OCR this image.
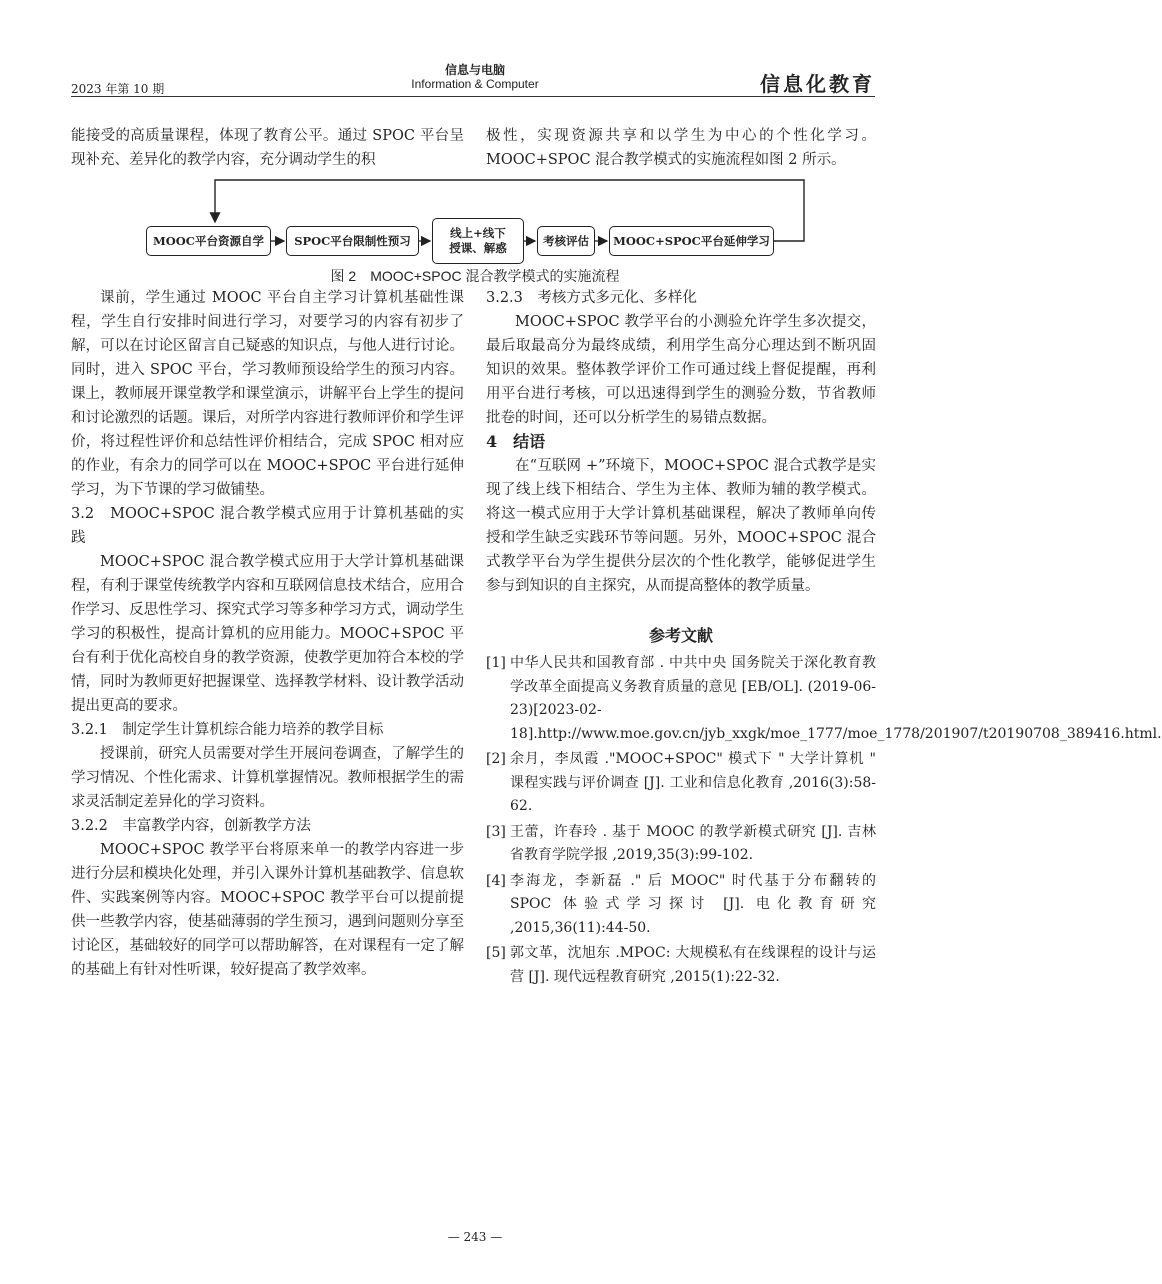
2023 年第 10 期
信息与电脑
Information & Computer	信息化教育

能接受的高质量课程，体现了教育公平。通过 SPOC 平台呈现补充、差异化的教学内容，充分调动学生的积

极性，实现资源共享和以学生为中心的个性化学习。MOOC+SPOC 混合教学模式的实施流程如图 2 所示。

MOOC平台资源自学	SPOC平台限制性预习
线上+线下
授课、解惑
考核评估	MOOC+SPOC平台延伸学习
图 2　MOOC+SPOC 混合教学模式的实施流程

课前，学生通过 MOOC 平台自主学习计算机基础性课程，学生自行安排时间进行学习，对要学习的内容有初步了解，可以在讨论区留言自己疑惑的知识点，与他人进行讨论。同时，进入 SPOC 平台，学习教师预设给学生的预习内容。课上，教师展开课堂教学和课堂演示，讲解平台上学生的提问和讨论激烈的话题。课后，对所学内容进行教师评价和学生评价，将过程性评价和总结性评价相结合，完成 SPOC 相对应的作业，有余力的同学可以在 MOOC+SPOC 平台进行延伸学习，为下节课的学习做铺垫。

3.2　MOOC+SPOC 混合教学模式应用于计算机基础的实践

MOOC+SPOC 混合教学模式应用于大学计算机基础课程，有利于课堂传统教学内容和互联网信息技术结合，应用合作学习、反思性学习、探究式学习等多种学习方式，调动学生学习的积极性，提高计算机的应用能力。MOOC+SPOC 平台有利于优化高校自身的教学资源，使教学更加符合本校的学情，同时为教师更好把握课堂、选择教学材料、设计教学活动提出更高的要求。

3.2.1　制定学生计算机综合能力培养的教学目标

授课前，研究人员需要对学生开展问卷调查，了解学生的学习情况、个性化需求、计算机掌握情况。教师根据学生的需求灵活制定差异化的学习资料。

3.2.2　丰富教学内容，创新教学方法

MOOC+SPOC 教学平台将原来单一的教学内容进一步进行分层和模块化处理，并引入课外计算机基础教学、信息软件、实践案例等内容。MOOC+SPOC 教学平台可以提前提供一些教学内容，使基础薄弱的学生预习，遇到问题则分享至讨论区，基础较好的同学可以帮助解答，在对课程有一定了解的基础上有针对性听课，较好提高了教学效率。

3.2.3　考核方式多元化、多样化

MOOC+SPOC 教学平台的小测验允许学生多次提交，最后取最高分为最终成绩，利用学生高分心理达到不断巩固知识的效果。整体教学评价工作可通过线上督促提醒，再利用平台进行考核，可以迅速得到学生的测验分数，节省教师批卷的时间，还可以分析学生的易错点数据。

4　结语

在“互联网 +”环境下，MOOC+SPOC 混合式教学是实现了线上线下相结合、学生为主体、教师为辅的教学模式。将这一模式应用于大学计算机基础课程，解决了教师单向传授和学生缺乏实践环节等问题。另外，MOOC+SPOC 混合式教学平台为学生提供分层次的个性化教学，能够促进学生参与到知识的自主探究，从而提高整体的教学质量。

参考文献
[1] 中华人民共和国教育部 . 中共中央 国务院关于深化教育教学改革全面提高义务教育质量的意见 [EB/OL]. (2019-06-23)[2023-02-18].http://www.moe.gov.cn/jyb_xxgk/moe_1777/moe_1778/201907/t20190708_389416.html.
[2] 余月，李凤霞 ."MOOC+SPOC" 模式下 " 大学计算机 " 课程实践与评价调查 [J]. 工业和信息化教育 ,2016(3):58-62.
[3] 王蕾，许春玲 . 基于 MOOC 的教学新模式研究 [J]. 吉林省教育学院学报 ,2019,35(3):99-102.
[4] 李海龙，李新磊 ." 后 MOOC" 时代基于分布翻转的 SPOC 体验式学习探讨 [J]. 电化教育研究 ,2015,36(11):44-50.
[5] 郭文革，沈旭东 .MPOC: 大规模私有在线课程的设计与运营 [J]. 现代远程教育研究 ,2015(1):22-32.
— 243 —
